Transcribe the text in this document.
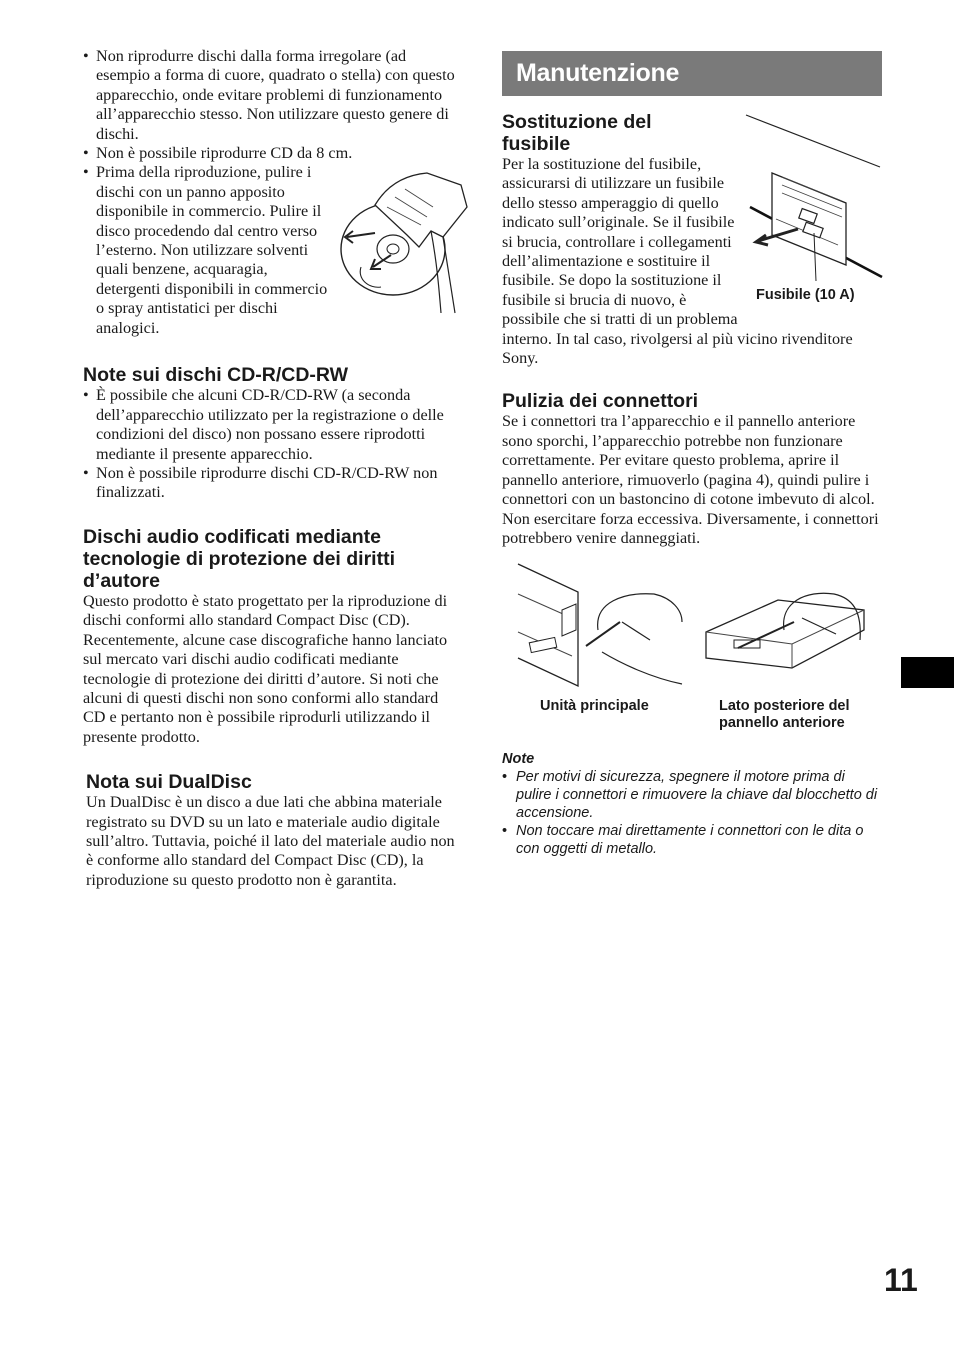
• Non riprodurre dischi dalla forma irregolare (ad esempio a forma di cuore, quadrato o stella) con questo apparecchio, onde evitare problemi di funzionamento all’apparecchio stesso. Non utilizzare questo genere di dischi.
• Non è possibile riprodurre CD da 8 cm.
• Prima della riproduzione, pulire i dischi con un panno apposito disponibile in commercio. Pulire il disco procedendo dal centro verso l’esterno. Non utilizzare solventi quali benzene, acquaragia, detergenti disponibili in commercio o spray antistatici per dischi analogici.
Note sui dischi CD-R/CD-RW
• È possibile che alcuni CD-R/CD-RW (a seconda dell’apparecchio utilizzato per la registrazione o delle condizioni del disco) non possano essere riprodotti mediante il presente apparecchio.
• Non è possibile riprodurre dischi CD-R/CD-RW non finalizzati.
Dischi audio codificati mediante tecnologie di protezione dei diritti d’autore

Questo prodotto è stato progettato per la riproduzione di dischi conformi allo standard Compact Disc (CD).

Recentemente, alcune case discografiche hanno lanciato sul mercato vari dischi audio codificati mediante tecnologie di protezione dei diritti d’autore. Si noti che alcuni di questi dischi non sono conformi allo standard CD e pertanto non è possibile riprodurli utilizzando il presente prodotto.

Nota sui DualDisc

Un DualDisc è un disco a due lati che abbina materiale registrato su DVD su un lato e materiale audio digitale sull’altro. Tuttavia, poiché il lato del materiale audio non è conforme allo standard del Compact Disc (CD), la riproduzione su questo prodotto non è garantita.

Manutenzione
Fusibile (10 A)
Sostituzione del fusibile

Per la sostituzione del fusibile, assicurarsi di utilizzare un fusibile dello stesso amperaggio di quello indicato sull’originale. Se il fusibile si brucia, controllare i collegamenti dell’alimentazione e sostituire il fusibile. Se dopo la sostituzione il fusibile si brucia di nuovo, è possibile che si tratti di un problema interno. In tal caso, rivolgersi al più vicino rivenditore Sony.

Pulizia dei connettori

Se i connettori tra l’apparecchio e il pannello anteriore sono sporchi, l’apparecchio potrebbe non funzionare correttamente. Per evitare questo problema, aprire il pannello anteriore, rimuoverlo (pagina 4), quindi pulire i connettori con un bastoncino di cotone imbevuto di alcol. Non esercitare forza eccessiva. Diversamente, i connettori potrebbero venire danneggiati.

Unità principale	Lato posteriore del pannello anteriore
Note
• Per motivi di sicurezza, spegnere il motore prima di pulire i connettori e rimuovere la chiave dal blocchetto di accensione.
• Non toccare mai direttamente i connettori con le dita o con oggetti di metallo.
11
